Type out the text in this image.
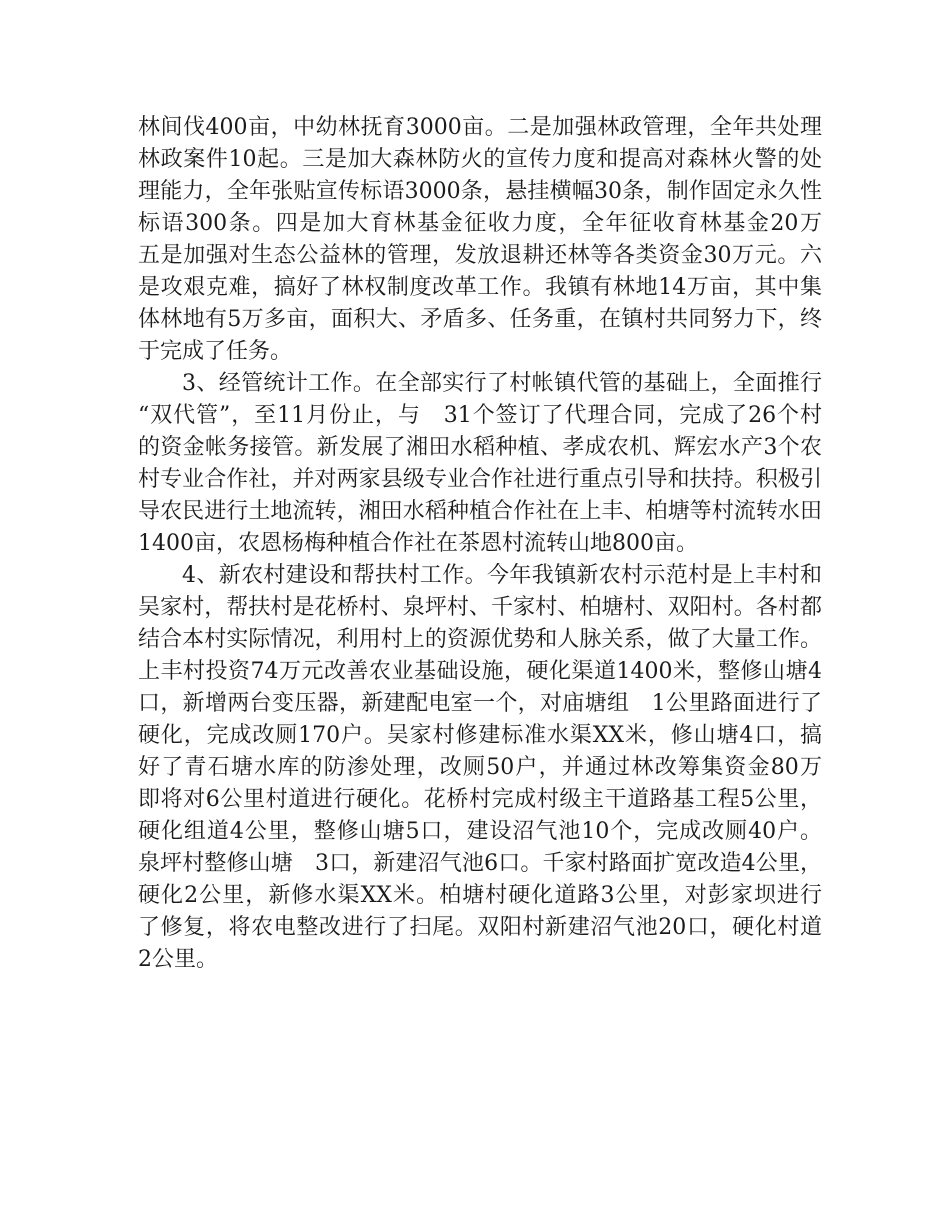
林间伐400亩，中幼林抚育3000亩。二是加强林政管理，全年共处理
林政案件10起。三是加大森林防火的宣传力度和提高对森林火警的处
理能力，全年张贴宣传标语3000条，悬挂横幅30条，制作固定永久性
标语300条。四是加大育林基金征收力度，全年征收育林基金20万
五是加强对生态公益林的管理，发放退耕还林等各类资金30万元。六
是攻艰克难，搞好了林权制度改革工作。我镇有林地14万亩，其中集
体林地有5万多亩，面积大、矛盾多、任务重，在镇村共同努力下，终
于完成了任务。
3、经管统计工作。在全部实行了村帐镇代管的基础上，全面推行
“双代管”，至11月份止，与　31个签订了代理合同，完成了26个村
的资金帐务接管。新发展了湘田水稻种植、孝成农机、辉宏水产3个农
村专业合作社，并对两家县级专业合作社进行重点引导和扶持。积极引
导农民进行土地流转，湘田水稻种植合作社在上丰、柏塘等村流转水田
1400亩，农恩杨梅种植合作社在茶恩村流转山地800亩。
4、新农村建设和帮扶村工作。今年我镇新农村示范村是上丰村和
吴家村，帮扶村是花桥村、泉坪村、千家村、柏塘村、双阳村。各村都
结合本村实际情况，利用村上的资源优势和人脉关系，做了大量工作。
上丰村投资74万元改善农业基础设施，硬化渠道1400米，整修山塘4
口，新增两台变压器，新建配电室一个，对庙塘组　1公里路面进行了
硬化，完成改厕170户。吴家村修建标准水渠XX米，修山塘4口，搞
好了青石塘水库的防渗处理，改厕50户，并通过林改筹集资金80万
即将对6公里村道进行硬化。花桥村完成村级主干道路基工程5公里，
硬化组道4公里，整修山塘5口，建设沼气池10个，完成改厕40户。
泉坪村整修山塘　3口，新建沼气池6口。千家村路面扩宽改造4公里，
硬化2公里，新修水渠XX米。柏塘村硬化道路3公里，对彭家坝进行
了修复，将农电整改进行了扫尾。双阳村新建沼气池20口，硬化村道
2公里。
